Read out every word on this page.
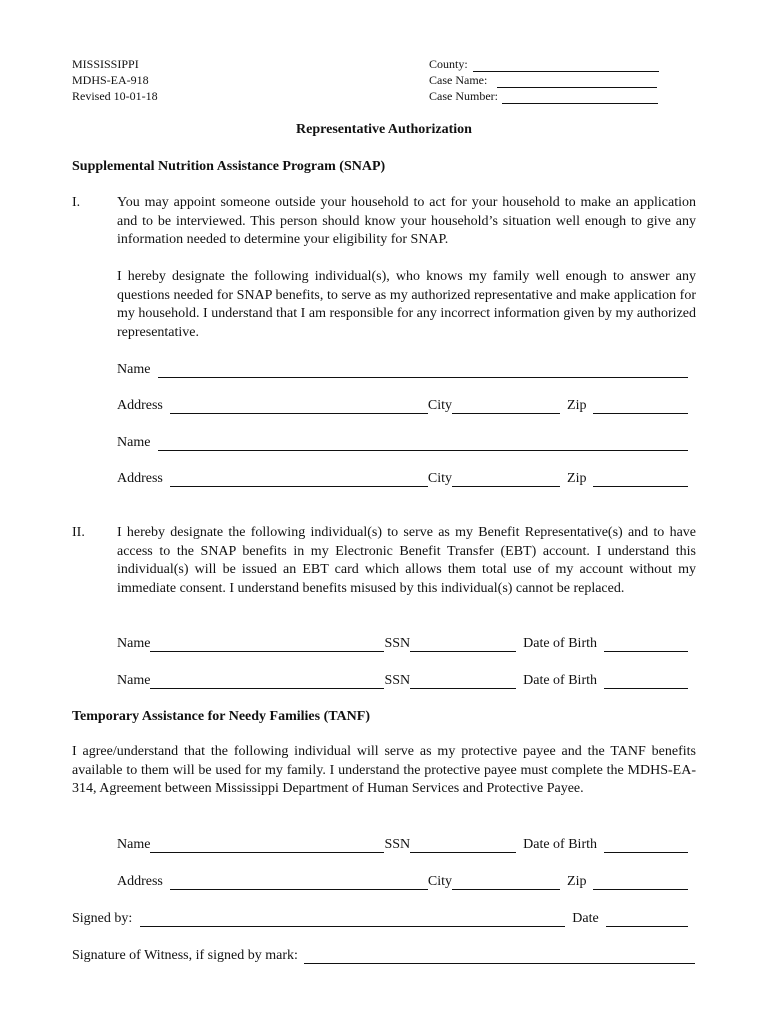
MISSISSIPPI
MDHS-EA-918
Revised 10-01-18
County:
Case Name:
Case Number:
Representative Authorization
Supplemental Nutrition Assistance Program (SNAP)
I.	You may appoint someone outside your household to act for your household to make an application and to be interviewed. This person should know your household’s situation well enough to give any information needed to determine your eligibility for SNAP.
I hereby designate the following individual(s), who knows my family well enough to answer any questions needed for SNAP benefits, to serve as my authorized representative and make application for my household. I understand that I am responsible for any incorrect information given by my authorized representative.
Name
Address	City	Zip
Name
Address	City	Zip
II. I hereby designate the following individual(s) to serve as my Benefit Representative(s) and to have access to the SNAP benefits in my Electronic Benefit Transfer (EBT) account. I understand this individual(s) will be issued an EBT card which allows them total use of my account without my immediate consent. I understand benefits misused by this individual(s) cannot be replaced.
Name	SSN	Date of Birth
Name	SSN	Date of Birth
Temporary Assistance for Needy Families (TANF)
I agree/understand that the following individual will serve as my protective payee and the TANF benefits available to them will be used for my family. I understand the protective payee must complete the MDHS-EA-314, Agreement between Mississippi Department of Human Services and Protective Payee.
Name	SSN	Date of Birth
Address	City	Zip
Signed by:	Date
Signature of Witness, if signed by mark:
